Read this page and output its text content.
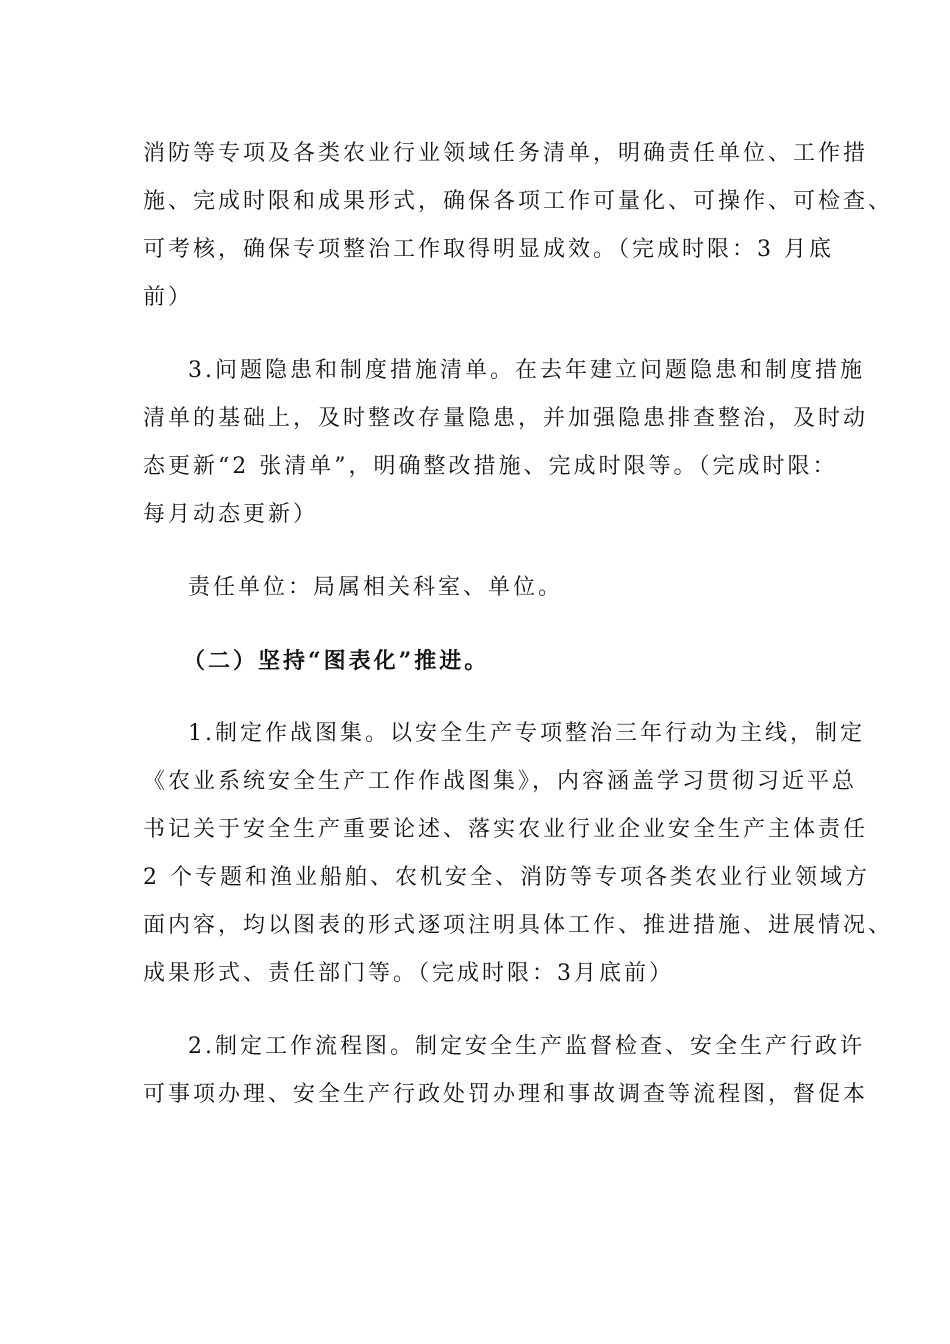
消防等专项及各类农业行业领域任务清单，明确责任单位、工作措
施、完成时限和成果形式，确保各项工作可量化、可操作、可检查、
可考核，确保专项整治工作取得明显成效。（完成时限：3 月底
前）
3.问题隐患和制度措施清单。在去年建立问题隐患和制度措施
清单的基础上，及时整改存量隐患，并加强隐患排查整治，及时动
态更新“2 张清单”，明确整改措施、完成时限等。（完成时限：
每月动态更新）
责任单位：局属相关科室、单位。
（二）坚持“图表化”推进。
1.制定作战图集。以安全生产专项整治三年行动为主线，制定
《农业系统安全生产工作作战图集》，内容涵盖学习贯彻习近平总
书记关于安全生产重要论述、落实农业行业企业安全生产主体责任
2 个专题和渔业船舶、农机安全、消防等专项各类农业行业领域方
面内容，均以图表的形式逐项注明具体工作、推进措施、进展情况、
成果形式、责任部门等。（完成时限：3月底前）
2.制定工作流程图。制定安全生产监督检查、安全生产行政许
可事项办理、安全生产行政处罚办理和事故调查等流程图，督促本
